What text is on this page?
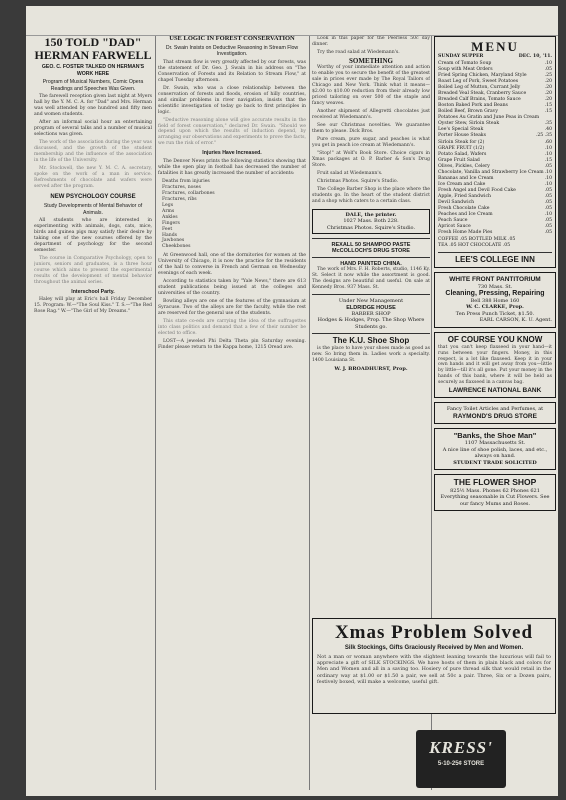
150 TOLD "DAD"
HERMAN FARWELL
GEO. C. FOSTER TALKED ON HERMAN'S WORK HERE
Program of Musical Numbers, Comic Opera Readings and Speeches Was Given.

The farewell reception given last night at Myers hall by the Y. M. C. A. for "Dad" and Mrs. Herman was well attended by one hundred and fifty men and women students.

After an informal social hour an entertaining program of several talks and a number of musical selections was given.

The work of the association during the year was discussed, and the growth of the student membership and the influence of the association in the life of the University.

Mr. Stockwell, the new Y. M. C. A. secretary, spoke on the work of a man in service. Refreshments of chocolate and wafers were served after the program.

NEW PSYCHOLOGY COURSE
Study Developments of Mental Behavior of Animals.

All students who are interested in experimenting with animals, dogs, cats, mice, birds and guinea pigs may satisfy their desire by taking one of the new courses offered by the department of psychology for the second semester.

The course in Comparative Psychology, open to juniors, seniors and graduates, is a three hour course which aims to present the experimental results of the development of mental behavior throughout the animal series.

Interschool Party.

Haley will play at Eric's hall Friday December 15. Program: W.—"The Soul Kiss." T. S.—"The Red Rose Rag." W.—"The Girl of My Dreams."

USE LOGIC IN FOREST CONSERVATION
Dr. Swain Insists on Deductive Reasoning in Stream Flow Investigation.

That stream flow is very greatly affected by our forests, was the statement of Dr. Geo. J. Swain in his address on "The Conservation of Forests and its Relation to Stream Flow," at chapel Tuesday afternoon.

Dr. Swain, who was a close relationship between the conservation of forests and floods, erosion of hilly countries, and similar problems in river navigation, insists that the scientific investigation of today go back to first principles in logic.

"Deductive reasoning alone will give accurate results in the field of forest conservation," declared Dr. Swain. "Should we depend upon which the results of induction depend, by arranging our observations and experiments to prove the facts, we run the risk of error."

Injuries Have Increased.

The Denver News prints the following statistics showing that while the open play in football has decreased the number of fatalities it has greatly increased the number of accidents:

Deaths from injuries
Fractures, noses
Fractures, collarbones
Fractures, ribs
Legs
Arms
Ankles
Fingers
Feet
Hands
Jawbones
Cheekbones

At Greenwood hall, one of the dormitories for women at the University of Chicago, it is now the practice for the residents of the hall to converse in French and German on Wednesday evenings of each week.

According to statistics taken by "Yale News," there are 613 student publications being issued at the colleges and universities of the country.

Bowling alleys are one of the features of the gymnasium at Syracuse. Two of the alleys are for the faculty, while the rest are reserved for the general use of the students.

This state co-eds are carrying the idea of the suffragettes into class politics and demand that a few of their number be elected to office.

LOST—A jeweled Phi Delta Theta pin Saturday evening. Finder please return to the Kappa home, 1215 Oread ave.

Look in this paper for the Peerless 50c day dinner.

Try the road salad at Wiedemann's.

SOMETHING

Worthy of your immediate attention and action to enable you to secure the benefit of the greatest sale in prices ever made by The Royal Tailors of Chicago and New York. Think what it means—$2.00 to $10.00 reduction from their already low priced tailoring on over 500 of the staple and fancy weaves.

Another shipment of Allegretti chocolates just received at Wiedemann's.

See our Christmas novelties. We guarantee them to please. Dick Bros.

Pure cream, pure sugar, and peaches is what you get in peach ice cream at Wiedemann's.

"Stop!" at Wolf's Book Store. Choice cigars in Xmas packages at O. P. Barber & Son's Drug Store.

Fruit salad at Wiedemann's.

Christmas Photos. Squire's Studio.

The College Barber Shop is the place where the students go. In the heart of the student district and a shop which caters to a certain class.

DALE, the printer.
1027 Mass. Both 228.
Christmas Photos. Squire's Studio.
REXALL 50 SHAMPOO PASTE
McCOLLOCH'S DRUG STORE
HAND PAINTED CHINA.

The work of Mrs. F. H. Roberts, studio, 1146 Ky. St. Select it now while the assortment is good. The designs are beautiful and useful. On sale at Kennedy Bros. 937 Mass. St.

Under New Management
ELDRIDGE HOUSE
BARBER SHOP
Hodges & Hodges, Prop. The Shop Where Students go.
The K.U. Shoe Shop

is the place to have your shoes made as good as new. So bring them in. Ladies work a specialty. 1400 Louisiana St.

W. J. BROADHURST, Prop.
MENU
SUNDAY SUPPER	DEC. 10, '11.
Cream of Tomato Soup	.10
Soup with Meat Orders	.05
Fried Spring Chicken, Maryland Style	.25
Roast Leg of Pork, Sweet Potatoes	.20
Boiled Leg of Mutton, Currant Jelly	.20
Breaded Veal Steak, Cranberry Sauce	.20
Breaded Calf Brains, Tomato Sauce	.20
Boston Baked Pork and Beans	.15
Boiled Beef, Brown Gravy	.15
Potatoes Au Gratin and June Peas in Cream
Oyster Stew, Sirloin Steak	.35
Lee's Special Steak	.40
Porter House Steaks	.25 .35
Sirloin Steak for (2)	.60
GRAPE FRUIT (1/2)	.10
Potato Salad, Wafers	.10
Grape Fruit Salad	.15
Olives, Pickles, Celery	.05
Chocolate, Vanilla and Strawberry Ice Cream .10
Bananas and Ice Cream	.10
Ice Cream and Cake	.10
Fresh Angel and Devil Food Cake	.05
Apple, Fried Sandwich	.05
Devil Sandwich	.05
Fresh Chocolate Cake	.05
Peaches and Ice Cream	.10
Peach Sauce	.05
Apricot Sauce	.05
Fresh Home Made Pies	.05
COFFEE .05 BOTTLED MILK .05
TEA .05 HOT CHOCOLATE .05
LEE'S COLLEGE INN
WHITE FRONT PANTITORIUM
730 Mass. St.
Cleaning, Pressing, Repairing
Bell 388 Home 160
W. C. CLARKE, Prop.
Ten Press Punch Ticket, $1.50.
EARL CARSON, K. U. Agent.
OF COURSE YOU KNOW
that you can't keep flaxseed in your hand—it runs between your fingers. Money, in this respect, is a lot like flaxseed. Keep it in your own hands and it will get away from you—little by little—till it's all gone. Put your money in the hands of this bank, where it will be held as securely as flaxseed in a canvas bag.
LAWRENCE NATIONAL BANK
Fancy Toilet Articles and Perfumes, at
RAYMOND'S DRUG STORE
"Banks, the Shoe Man"
1107 Massachusetts St.
A nice line of shoe polish, laces, and etc., always on hand.
STUDENT TRADE SOLICITED
THE FLOWER SHOP
825½ Mass. Phones 62 Phones 621
Everything seasonable in Cut Flowers. See our fancy Mums and Roses.
Xmas Problem Solved
Silk Stockings, Gifts Graciously Received by Men and Women.
Not a man or woman anywhere with the slightest leaning towards the luxurious will fail to appreciate a gift of SILK STOCKINGS. We have hosts of them in plain black and colors for Men and Women and all in a saving too. Hosiery of pure thread silk that would retail in the ordinary way at $1.00 or $1.50 a pair, we sell at 50c a pair. Three, Six or a Dozen pairs, festively boxed, will make a welcome, useful gift.
KRESS'
5-10-25¢ STORE
